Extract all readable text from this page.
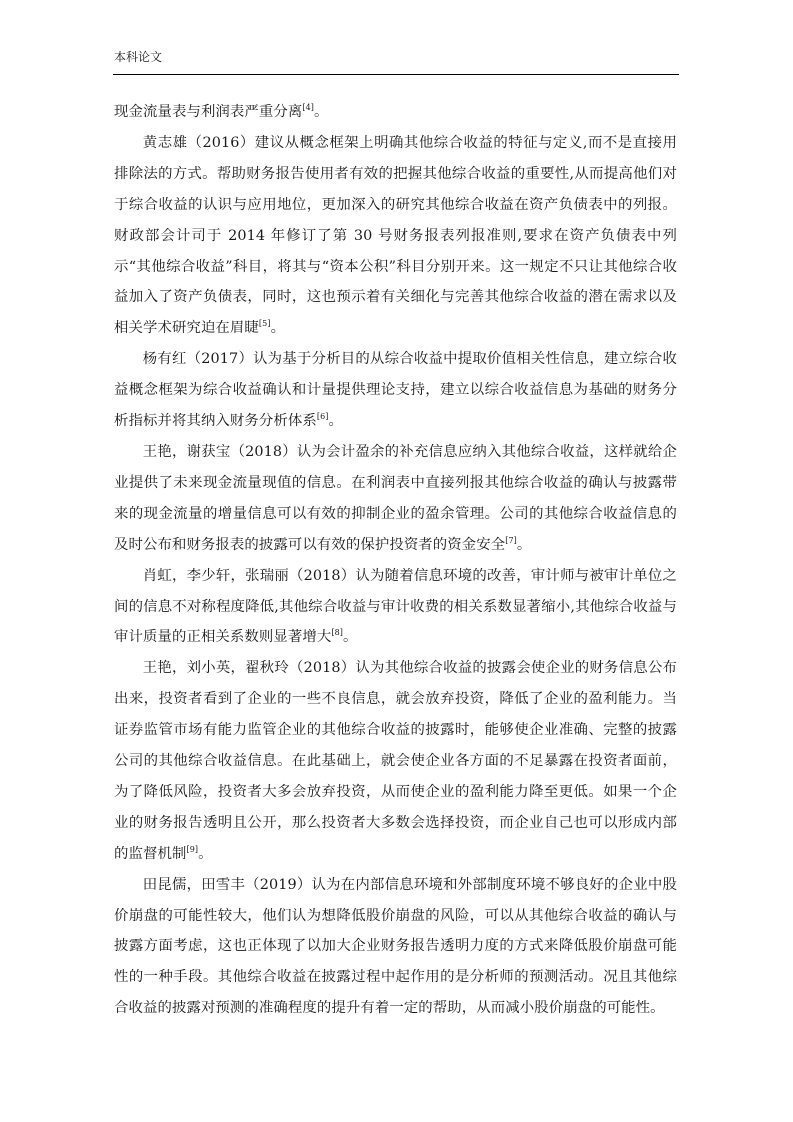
本科论文

现金流量表与利润表严重分离[4]。

黄志雄（2016）建议从概念框架上明确其他综合收益的特征与定义,而不是直接用排除法的方式。帮助财务报告使用者有效的把握其他综合收益的重要性,从而提高他们对于综合收益的认识与应用地位，更加深入的研究其他综合收益在资产负债表中的列报。财政部会计司于 2014 年修订了第 30 号财务报表列报准则,要求在资产负债表中列示“其他综合收益”科目，将其与“资本公积”科目分别开来。这一规定不只让其他综合收益加入了资产负债表，同时，这也预示着有关细化与完善其他综合收益的潜在需求以及相关学术研究迫在眉睫[5]。

杨有红（2017）认为基于分析目的从综合收益中提取价值相关性信息，建立综合收益概念框架为综合收益确认和计量提供理论支持，建立以综合收益信息为基础的财务分析指标并将其纳入财务分析体系[6]。

王艳，谢获宝（2018）认为会计盈余的补充信息应纳入其他综合收益，这样就给企业提供了未来现金流量现值的信息。在利润表中直接列报其他综合收益的确认与披露带来的现金流量的增量信息可以有效的抑制企业的盈余管理。公司的其他综合收益信息的及时公布和财务报表的披露可以有效的保护投资者的资金安全[7]。

肖虹，李少轩，张瑞丽（2018）认为随着信息环境的改善，审计师与被审计单位之间的信息不对称程度降低,其他综合收益与审计收费的相关系数显著缩小,其他综合收益与审计质量的正相关系数则显著增大[8]。

王艳，刘小英，翟秋玲（2018）认为其他综合收益的披露会使企业的财务信息公布出来，投资者看到了企业的一些不良信息，就会放弃投资，降低了企业的盈利能力。当证券监管市场有能力监管企业的其他综合收益的披露时，能够使企业准确、完整的披露公司的其他综合收益信息。在此基础上，就会使企业各方面的不足暴露在投资者面前，为了降低风险，投资者大多会放弃投资，从而使企业的盈利能力降至更低。如果一个企业的财务报告透明且公开，那么投资者大多数会选择投资，而企业自己也可以形成内部的监督机制[9]。

田昆儒，田雪丰（2019）认为在内部信息环境和外部制度环境不够良好的企业中股价崩盘的可能性较大，他们认为想降低股价崩盘的风险，可以从其他综合收益的确认与披露方面考虑，这也正体现了以加大企业财务报告透明力度的方式来降低股价崩盘可能性的一种手段。其他综合收益在披露过程中起作用的是分析师的预测活动。况且其他综合收益的披露对预测的准确程度的提升有着一定的帮助，从而减小股价崩盘的可能性。
